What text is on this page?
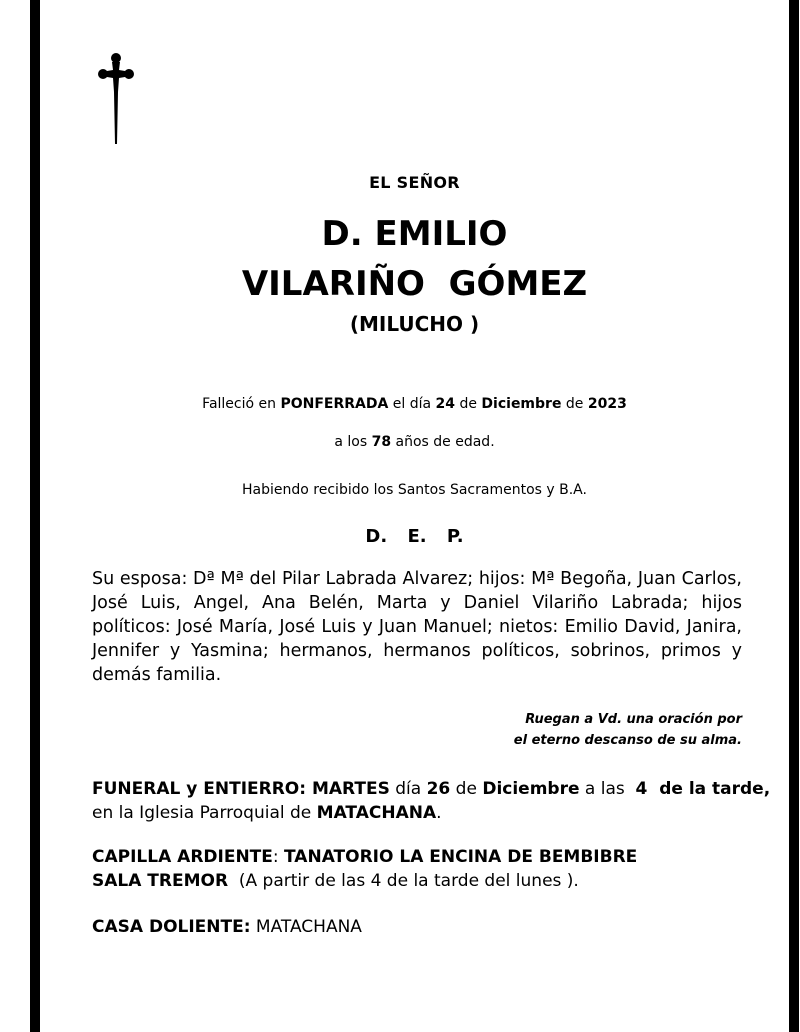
EL SEÑOR
D. EMILIO
VILARIÑO  GÓMEZ
(MILUCHO )
Falleció en PONFERRADA el día 24 de Diciembre de 2023
a los 78 años de edad.
Habiendo recibido los Santos Sacramentos y B.A.
D. E. P.
Su esposa: Dª Mª del Pilar Labrada Alvarez; hijos: Mª Begoña, Juan Carlos, José Luis, Angel, Ana Belén, Marta y Daniel Vilariño Labrada; hijos políticos: José María, José Luis y Juan Manuel; nietos: Emilio David, Janira, Jennifer y Yasmina; hermanos, hermanos políticos, sobrinos, primos y demás familia.
Ruegan a Vd. una oración por
el eterno descanso de su alma.
FUNERAL y ENTIERRO: MARTES día 26 de Diciembre a las  4  de la tarde,
en la Iglesia Parroquial de MATACHANA.
CAPILLA ARDIENTE: TANATORIO LA ENCINA DE BEMBIBRE
SALA TREMOR  (A partir de las 4 de la tarde del lunes ).
CASA DOLIENTE: MATACHANA
